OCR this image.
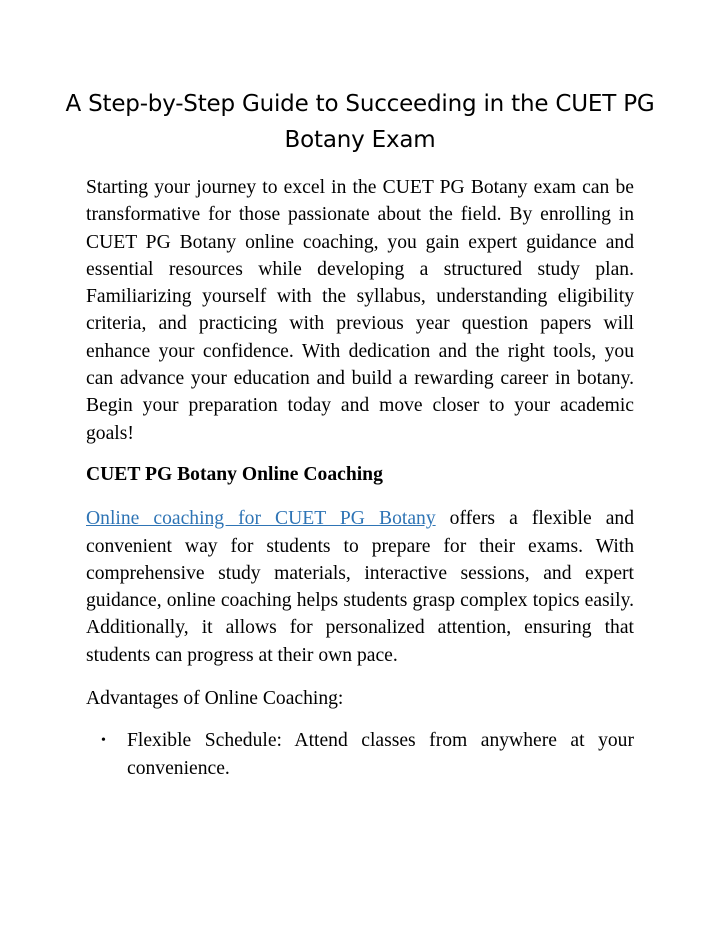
A Step-by-Step Guide to Succeeding in the CUET PG Botany Exam

Starting your journey to excel in the CUET PG Botany exam can be transformative for those passionate about the field. By enrolling in CUET PG Botany online coaching, you gain expert guidance and essential resources while developing a structured study plan. Familiarizing yourself with the syllabus, understanding eligibility criteria, and practicing with previous year question papers will enhance your confidence. With dedication and the right tools, you can advance your education and build a rewarding career in botany. Begin your preparation today and move closer to your academic goals!

CUET PG Botany Online Coaching

Online coaching for CUET PG Botany offers a flexible and convenient way for students to prepare for their exams. With comprehensive study materials, interactive sessions, and expert guidance, online coaching helps students grasp complex topics easily. Additionally, it allows for personalized attention, ensuring that students can progress at their own pace.

Advantages of Online Coaching:

• Flexible Schedule: Attend classes from anywhere at your convenience.
